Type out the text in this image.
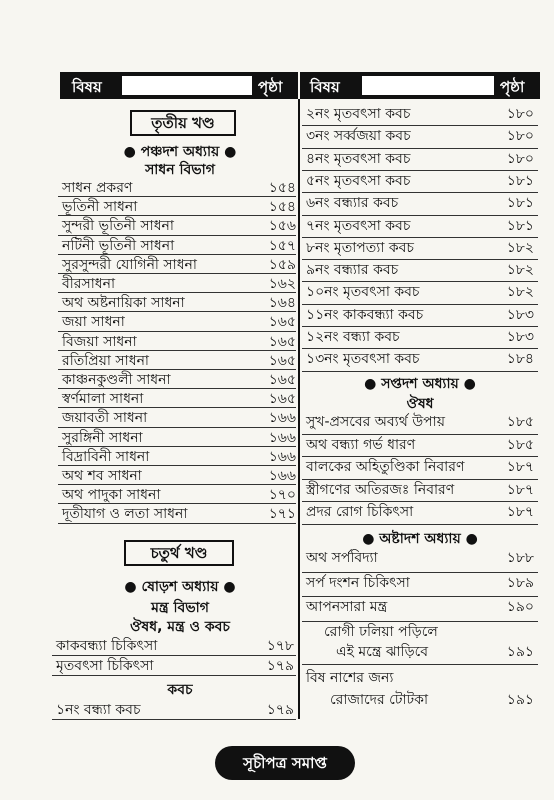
বিষয়	পৃষ্ঠা বিষয়	পৃষ্ঠা
তৃতীয় খণ্ড
● পঞ্চদশ অধ্যায় ●
সাধন বিভাগ
সাধন প্রকরণ	১৫৪
ভূতিনী সাধনা	১৫৪
সুন্দরী ভূতিনী সাধনা	১৫৬
নটিনী ভূতিনী সাধনা	১৫৭
সুরসুন্দরী যোগিনী সাধনা	১৫৯
বীরসাধনা	১৬২
অথ অষ্টনায়িকা সাধনা	১৬৪
জয়া সাধনা	১৬৫
বিজয়া সাধনা	১৬৫
রতিপ্রিয়া সাধনা	১৬৫
কাঞ্চনকুণ্ডলী সাধনা	১৬৫
স্বর্ণমালা সাধনা	১৬৫
জয়াবতী সাধনা	১৬৬
সুরঙ্গিনী সাধনা	১৬৬
বিদ্রাবিনী সাধনা	১৬৬
অথ শব সাধনা	১৬৬
অথ পাদুকা সাধনা	১৭০
দূতীযাগ ও লতা সাধনা	১৭১
চতুর্থ খণ্ড
● ষোড়শ অধ্যায় ●
মন্ত্র বিভাগ
ঔষধ, মন্ত্র ও কবচ
কাকবন্ধ্যা চিকিৎসা	১৭৮
মৃতবৎসা চিকিৎসা	১৭৯
কবচ
১নং বন্ধ্যা কবচ	১৭৯
২নং মৃতবৎসা কবচ	১৮০
৩নং সর্ব্বজয়া কবচ	১৮০
৪নং মৃতবৎসা কবচ	১৮০
৫নং মৃতবৎসা কবচ	১৮১
৬নং বন্ধ্যার কবচ	১৮১
৭নং মৃতবৎসা কবচ	১৮১
৮নং মৃতাপত্যা কবচ	১৮২
৯নং বন্ধ্যার কবচ	১৮২
১০নং মৃতবৎসা কবচ	১৮২
১১নং কাকবন্ধ্যা কবচ	১৮৩
১২নং বন্ধ্যা কবচ	১৮৩
১৩নং মৃতবৎসা কবচ	১৮৪
● সপ্তদশ অধ্যায় ●
ঔষধ
সুখ-প্রসবের অব্যর্থ উপায়	১৮৫
অথ বন্ধ্যা গর্ভ ধারণ	১৮৫
বালকের অহিতুণ্ডিকা নিবারণ	১৮৭
স্ত্রীগণের অতিরজঃ নিবারণ	১৮৭
প্রদর রোগ চিকিৎসা	১৮৭
● অষ্টাদশ অধ্যায় ●
অথ সর্পবিদ্যা	১৮৮
সর্প দংশন চিকিৎসা	১৮৯
আপনসারা মন্ত্র	১৯০
রোগী ঢলিয়া পড়িলে
এই মন্ত্রে ঝাড়িবে	১৯১
বিষ নাশের জন্য
রোজাদের টোটকা	১৯১
সূচীপত্র সমাপ্ত
